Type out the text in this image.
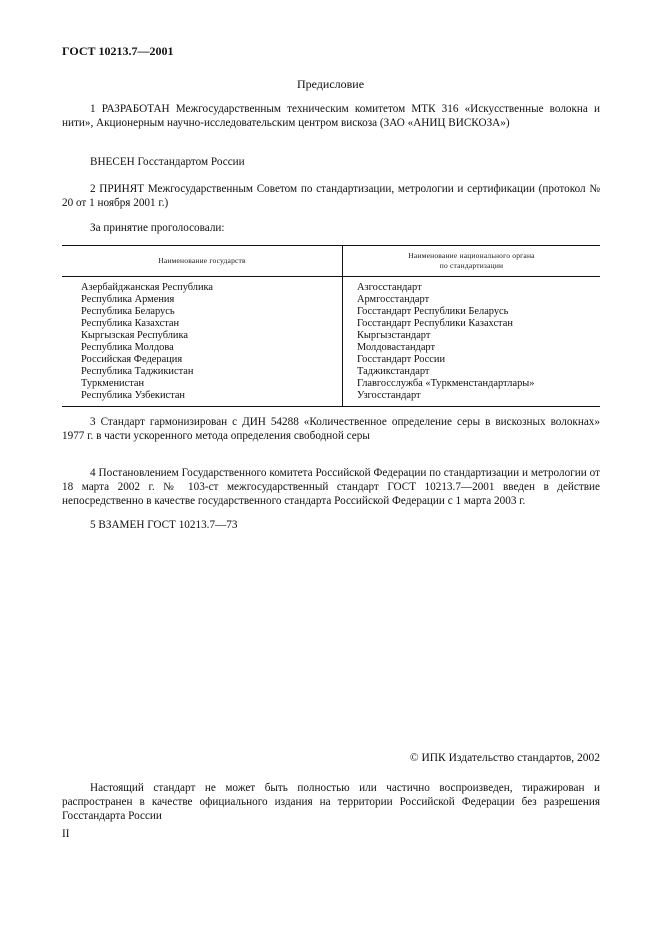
ГОСТ 10213.7—2001
Предисловие
1 РАЗРАБОТАН Межгосударственным техническим комитетом МТК 316 «Искусственные волокна и нити», Акционерным научно-исследовательским центром вискоза (ЗАО «АНИЦ ВИСКОЗА»)
ВНЕСЕН Госстандартом России
2 ПРИНЯТ Межгосударственным Советом по стандартизации, метрологии и сертификации (протокол № 20 от 1 ноября 2001 г.)
За принятие проголосовали:
Наименование государств	Наименование национального органа
по стандартизации
Азербайджанская Республика	Азгосстандарт
Республика Армения	Армгосстандарт
Республика Беларусь	Госстандарт Республики Беларусь
Республика Казахстан	Госстандарт Республики Казахстан
Кыргызская Республика	Кыргызстандарт
Республика Молдова	Молдовастандарт
Российская Федерация	Госстандарт России
Республика Таджикистан	Таджикстандарт
Туркменистан	Главгосслужба «Туркменстандартлары»
Республика Узбекистан	Узгосстандарт
3 Стандарт гармонизирован с ДИН 54288 «Количественное определение серы в вискозных волокнах» 1977 г. в части ускоренного метода определения свободной серы
4 Постановлением Государственного комитета Российской Федерации по стандартизации и метрологии от 18 марта 2002 г. № 103-ст межгосударственный стандарт ГОСТ 10213.7—2001 введен в действие непосредственно в качестве государственного стандарта Российской Федерации с 1 марта 2003 г.
5 ВЗАМЕН ГОСТ 10213.7—73
© ИПК Издательство стандартов, 2002
Настоящий стандарт не может быть полностью или частично воспроизведен, тиражирован и распространен в качестве официального издания на территории Российской Федерации без разрешения Госстандарта России
II
